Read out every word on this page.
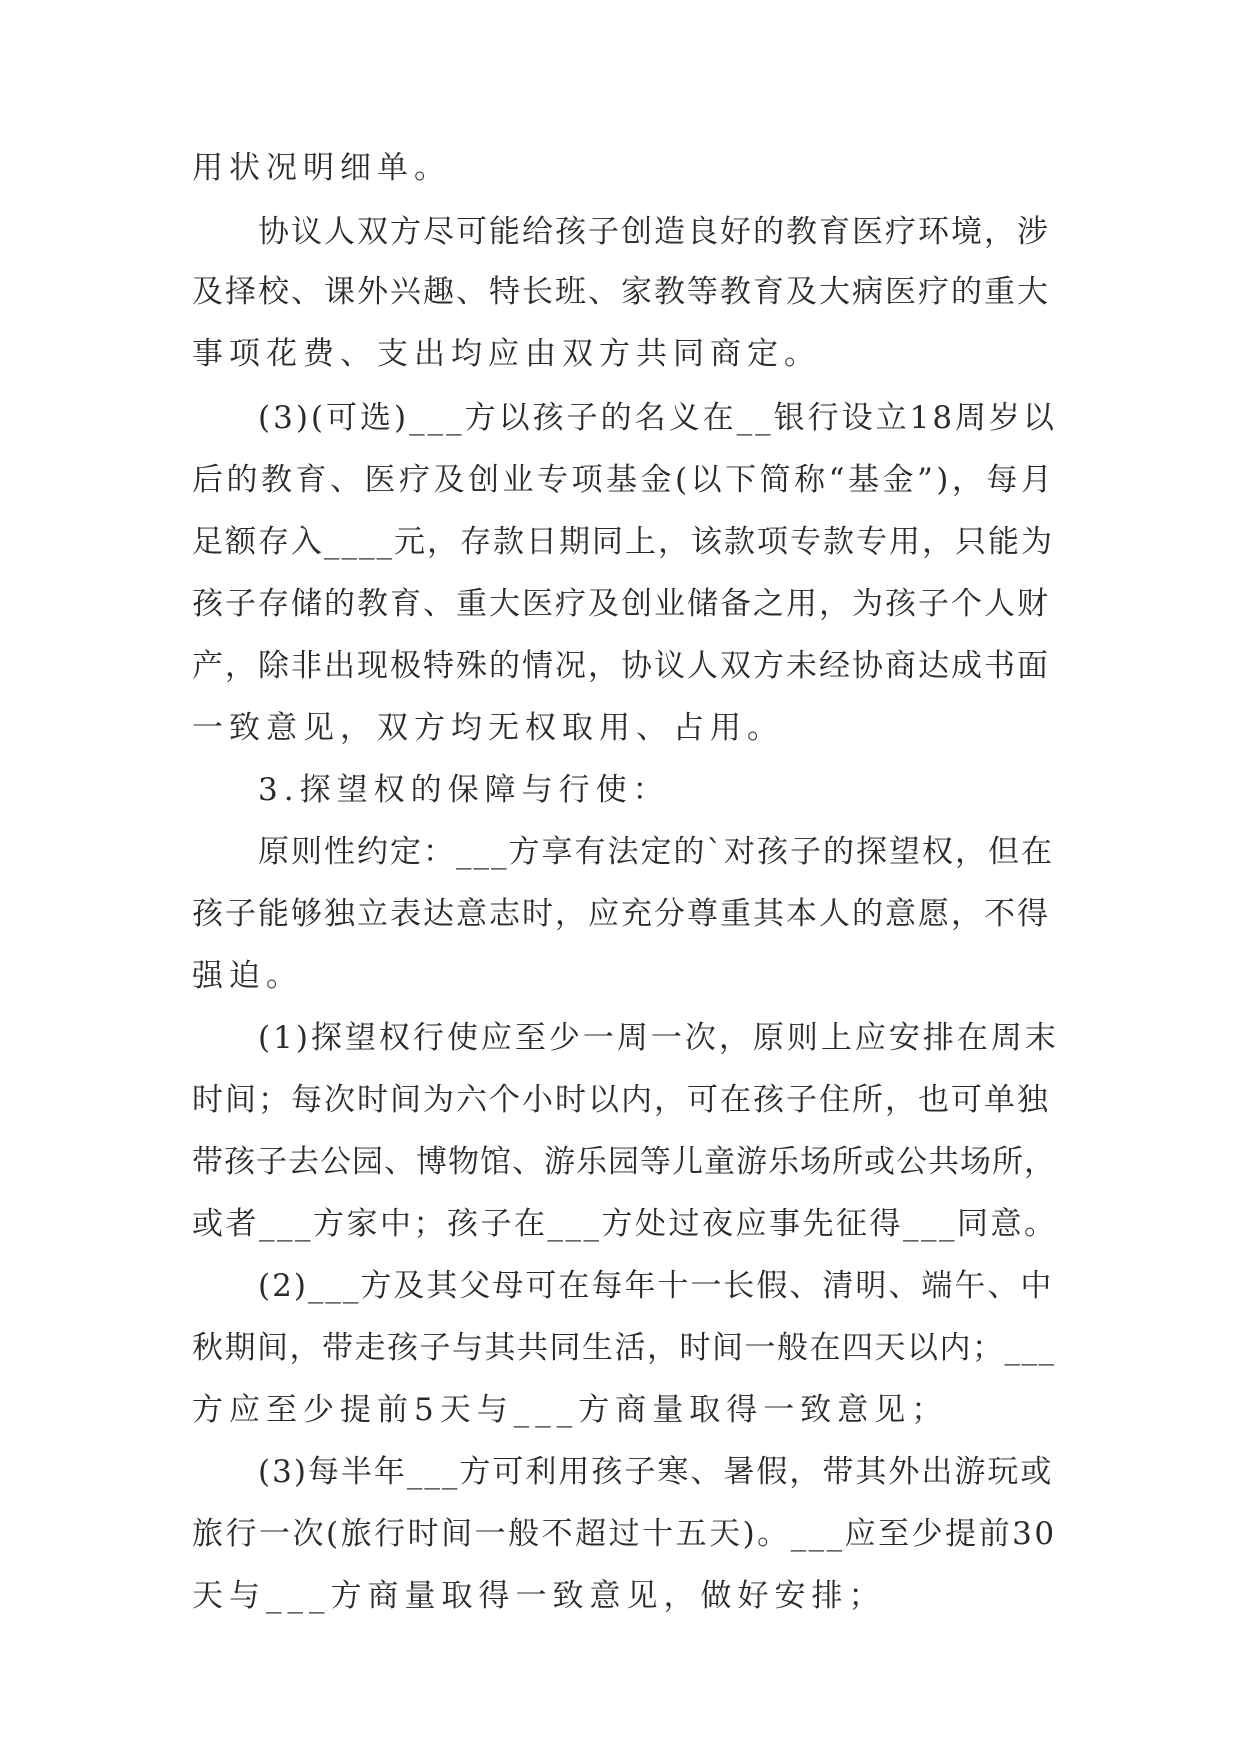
用状况明细单。
协议人双方尽可能给孩子创造良好的教育医疗环境，涉
及择校、课外兴趣、特长班、家教等教育及大病医疗的重大
事项花费、支出均应由双方共同商定。
(3)(可选)___方以孩子的名义在__银行设立18周岁以
后的教育、医疗及创业专项基金(以下简称“基金”)，每月
足额存入____元，存款日期同上，该款项专款专用，只能为
孩子存储的教育、重大医疗及创业储备之用，为孩子个人财
产，除非出现极特殊的情况，协议人双方未经协商达成书面
一致意见，双方均无权取用、占用。
3.探望权的保障与行使：
原则性约定：___方享有法定的`对孩子的探望权，但在
孩子能够独立表达意志时，应充分尊重其本人的意愿，不得
强迫。
(1)探望权行使应至少一周一次，原则上应安排在周末
时间；每次时间为六个小时以内，可在孩子住所，也可单独
带孩子去公园、博物馆、游乐园等儿童游乐场所或公共场所，
或者___方家中；孩子在___方处过夜应事先征得___同意。
(2)___方及其父母可在每年十一长假、清明、端午、中
秋期间，带走孩子与其共同生活，时间一般在四天以内；___
方应至少提前5天与___方商量取得一致意见；
(3)每半年___方可利用孩子寒、暑假，带其外出游玩或
旅行一次(旅行时间一般不超过十五天)。___应至少提前30
天与___方商量取得一致意见，做好安排；
